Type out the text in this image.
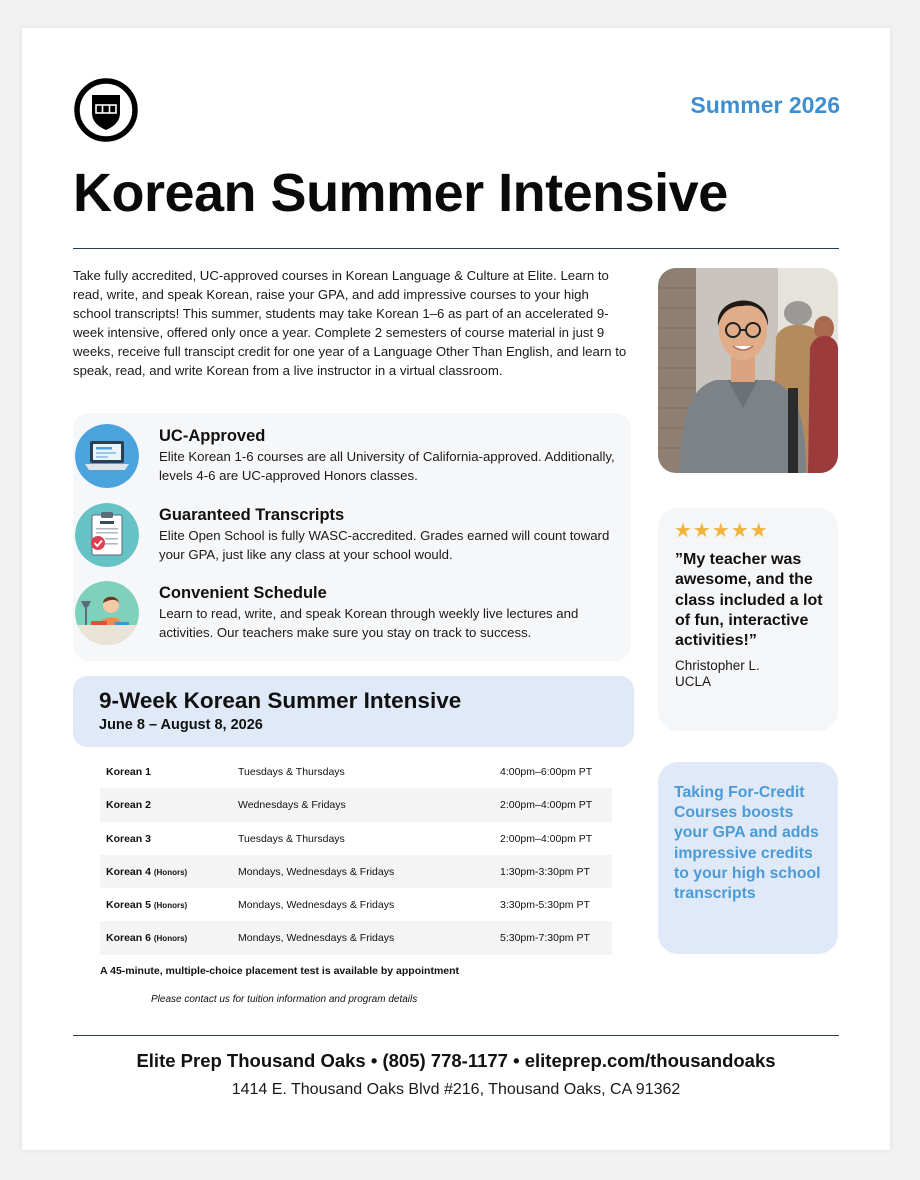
Summer 2026
Korean Summer Intensive

Take fully accredited, UC-approved courses in Korean Language & Culture at Elite. Learn to read, write, and speak Korean, raise your GPA, and add impressive courses to your high school transcripts! This summer, students may take Korean 1–6 as part of an accelerated 9-week intensive, offered only once a year. Complete 2 semesters of course material in just 9 weeks, receive full transcipt credit for one year of a Language Other Than English, and learn to speak, read, and write Korean from a live instructor in a virtual classroom.

UC-Approved
Elite Korean 1-6 courses are all University of California-approved. Additionally, levels 4-6 are UC-approved Honors classes.
Guaranteed Transcripts
Elite Open School is fully WASC-accredited. Grades earned will count toward your GPA, just like any class at your school would.
Convenient Schedule
Learn to read, write, and speak Korean through weekly live lectures and activities. Our teachers make sure you stay on track to success.
★★★★★
”My teacher was awesome, and the class included a lot of fun, interactive activities!”
Christopher L.
UCLA
Taking For-Credit Courses boosts your GPA and adds impressive credits to your high school transcripts
9-Week Korean Summer Intensive
June 8 – August 8, 2026
Korean 1	Tuesdays & Thursdays	4:00pm–6:00pm PT
Korean 2	Wednesdays & Fridays	2:00pm–4:00pm PT
Korean 3	Tuesdays & Thursdays	2:00pm–4:00pm PT
Korean 4 (Honors)	Mondays, Wednesdays & Fridays	1:30pm-3:30pm PT
Korean 5 (Honors)	Mondays, Wednesdays & Fridays	3:30pm-5:30pm PT
Korean 6 (Honors)	Mondays, Wednesdays & Fridays	5:30pm-7:30pm PT
A 45-minute, multiple-choice placement test is available by appointment
Please contact us for tuition information and program details
Elite Prep Thousand Oaks • (805) 778-1177 • eliteprep.com/thousandoaks
1414 E. Thousand Oaks Blvd #216, Thousand Oaks, CA 91362
